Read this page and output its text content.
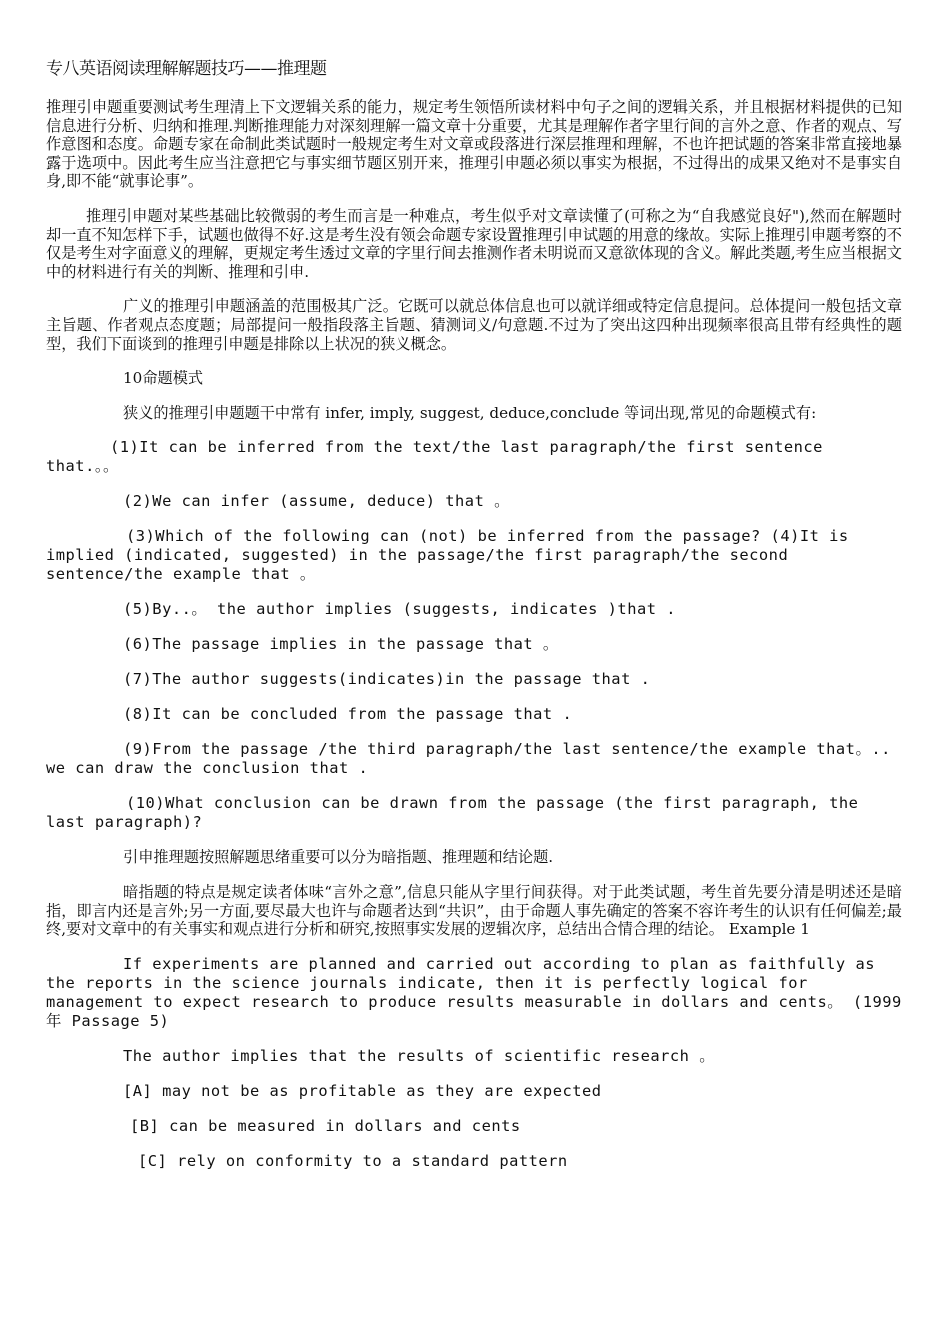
专八英语阅读理解解题技巧——推理题
推理引申题重要测试考生理清上下文逻辑关系的能力，规定考生领悟所读材料中句子之间的逻辑关系，并且根据材料提供的已知信息进行分析、归纳和推理.判断推理能力对深刻理解一篇文章十分重要，尤其是理解作者字里行间的言外之意、作者的观点、写作意图和态度。命题专家在命制此类试题时一般规定考生对文章或段落进行深层推理和理解，不也许把试题的答案非常直接地暴露于选项中。因此考生应当注意把它与事实细节题区别开来，推理引申题必须以事实为根据，不过得出的成果又绝对不是事实自身,即不能“就事论事”。
推理引申题对某些基础比较微弱的考生而言是一种难点，考生似乎对文章读懂了(可称之为“自我感觉良好"),然而在解题时却一直不知怎样下手，试题也做得不好.这是考生没有领会命题专家设置推理引申试题的用意的缘故。实际上推理引申题考察的不仅是考生对字面意义的理解，更规定考生透过文章的字里行间去推测作者未明说而又意欲体现的含义。解此类题,考生应当根据文中的材料进行有关的判断、推理和引申.
广义的推理引申题涵盖的范围极其广泛。它既可以就总体信息也可以就详细或特定信息提问。总体提问一般包括文章主旨题、作者观点态度题；局部提问一般指段落主旨题、猜测词义/句意题.不过为了突出这四种出现频率很高且带有经典性的题型，我们下面谈到的推理引申题是排除以上状况的狭义概念。
10命题模式
狭义的推理引申题题干中常有 infer, imply, suggest, deduce,conclude 等词出现,常见的命题模式有:
(1)It can be inferred from the text/the last paragraph/the first sentence that.。。
(2)We can infer (assume, deduce) that 。
(3)Which of the following can (not) be inferred from the passage? (4)It is implied (indicated, suggested) in the passage/the first paragraph/the second sentence/the example that 。
(5)By..。 the author implies (suggests, indicates )that .
(6)The passage implies in the passage that 。
(7)The author suggests(indicates)in the passage that .
(8)It can be concluded from the passage that .
(9)From the passage /the third paragraph/the last sentence/the example that。.. we can draw the conclusion that .
(10)What conclusion can be drawn from the passage (the first paragraph, the last paragraph)?
引申推理题按照解题思绪重要可以分为暗指题、推理题和结论题.
暗指题的特点是规定读者体味“言外之意”,信息只能从字里行间获得。对于此类试题，考生首先要分清是明述还是暗指，即言内还是言外;另一方面,要尽最大也许与命题者达到“共识”，由于命题人事先确定的答案不容许考生的认识有任何偏差;最终,要对文章中的有关事实和观点进行分析和研究,按照事实发展的逻辑次序，总结出合情合理的结论。 Example 1
If experiments are planned and carried out according to plan as faithfully as the reports in the science journals indicate, then it is perfectly logical for management to expect research to produce results measurable in dollars and cents。 (1999年 Passage 5)
The author implies that the results of scientific research 。
[A] may not be as profitable as they are expected
[B] can be measured in dollars and cents
[C] rely on conformity to a standard pattern
